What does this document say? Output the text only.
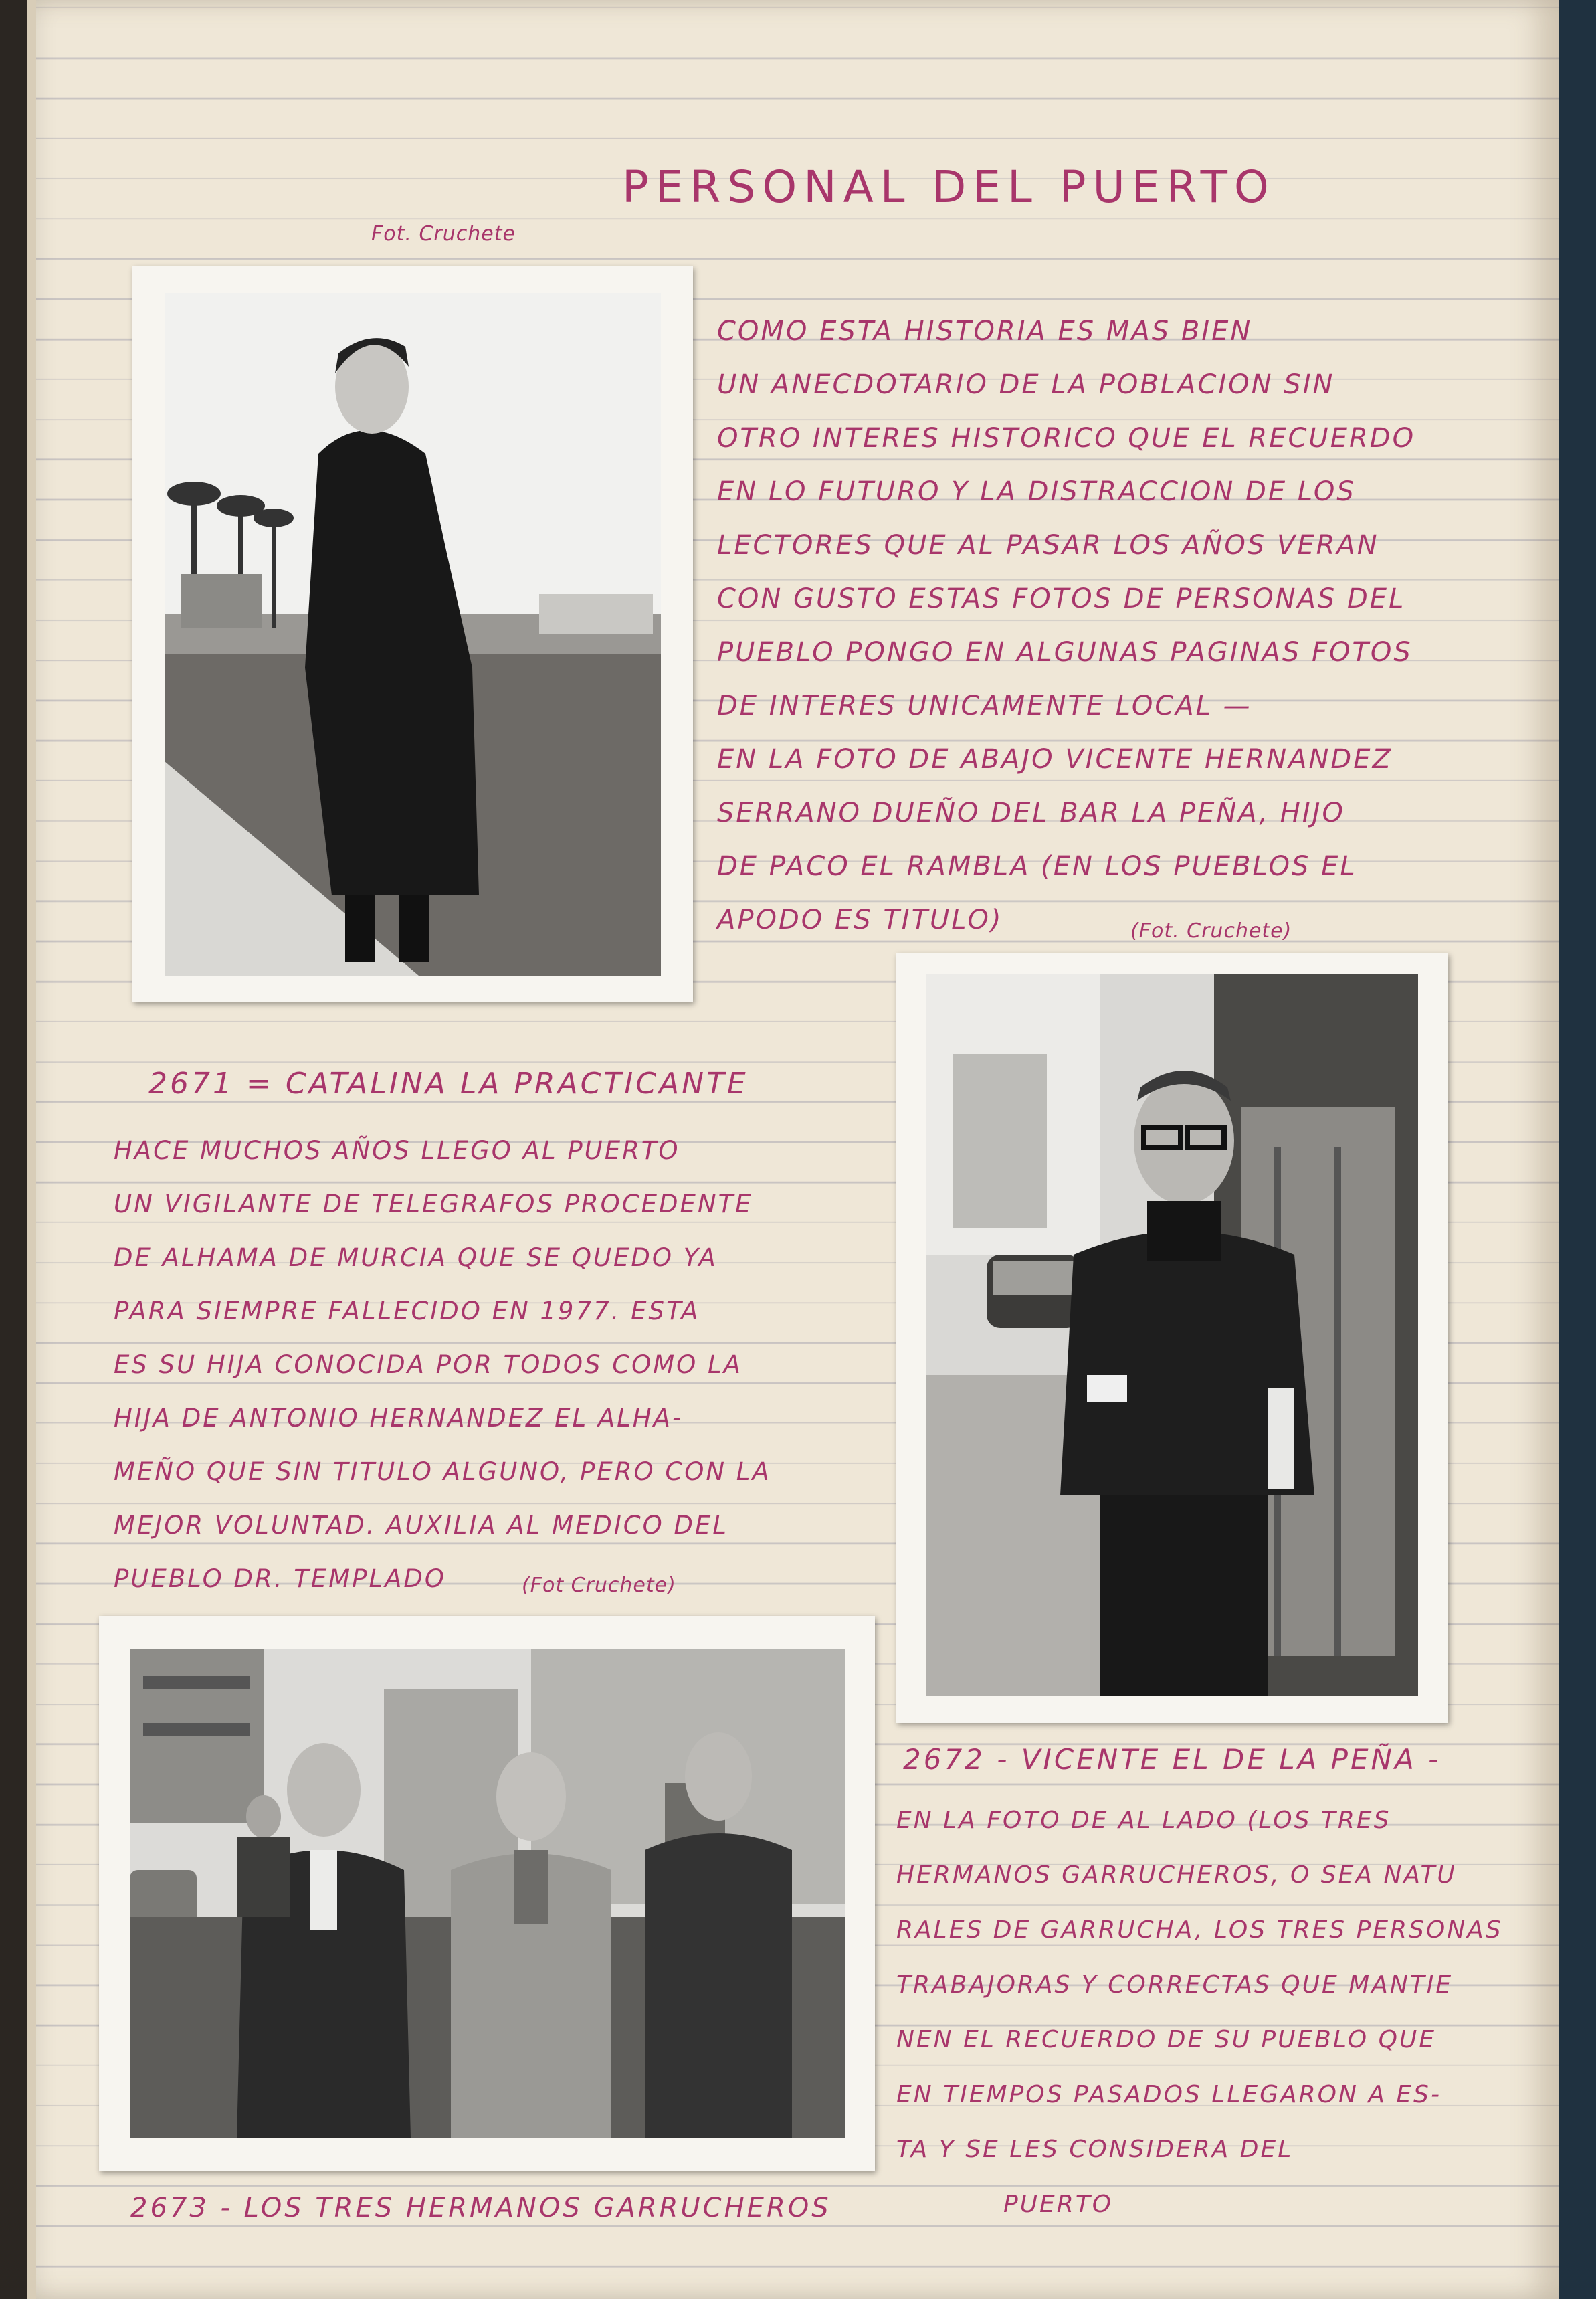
Fot. Cruchete
PERSONAL DEL PUERTO
COMO ESTA HISTORIA ES MAS BIEN
UN ANECDOTARIO DE LA POBLACION SIN
OTRO INTERES HISTORICO QUE EL RECUERDO
EN LO FUTURO Y LA DISTRACCION DE LOS
LECTORES QUE AL PASAR LOS AÑOS VERAN
CON GUSTO ESTAS FOTOS DE PERSONAS DEL
PUEBLO PONGO EN ALGUNAS PAGINAS FOTOS
DE INTERES UNICAMENTE LOCAL —
EN LA FOTO DE ABAJO VICENTE HERNANDEZ
SERRANO DUEÑO DEL BAR LA PEÑA, HIJO
DE PACO EL RAMBLA (EN LOS PUEBLOS EL
APODO ES TITULO)	(Fot. Cruchete)
2671 = CATALINA LA PRACTICANTE
HACE MUCHOS AÑOS LLEGO AL PUERTO
UN VIGILANTE DE TELEGRAFOS PROCEDENTE
DE ALHAMA DE MURCIA QUE SE QUEDO YA
PARA SIEMPRE FALLECIDO EN 1977. ESTA
ES SU HIJA CONOCIDA POR TODOS COMO LA
HIJA DE ANTONIO HERNANDEZ EL ALHA-
MEÑO QUE SIN TITULO ALGUNO, PERO CON LA
MEJOR VOLUNTAD. AUXILIA AL MEDICO DEL
PUEBLO DR. TEMPLADO	(Fot Cruchete)
2672 - VICENTE EL DE LA PEÑA -
EN LA FOTO DE AL LADO (LOS TRES
HERMANOS GARRUCHEROS, O SEA NATU
RALES DE GARRUCHA, LOS TRES PERSONAS
TRABAJORAS Y CORRECTAS QUE MANTIE
NEN EL RECUERDO DE SU PUEBLO QUE
EN TIEMPOS PASADOS LLEGARON A ES-
TA Y SE LES CONSIDERA DEL
PUERTO
2673 - LOS TRES HERMANOS GARRUCHEROS
